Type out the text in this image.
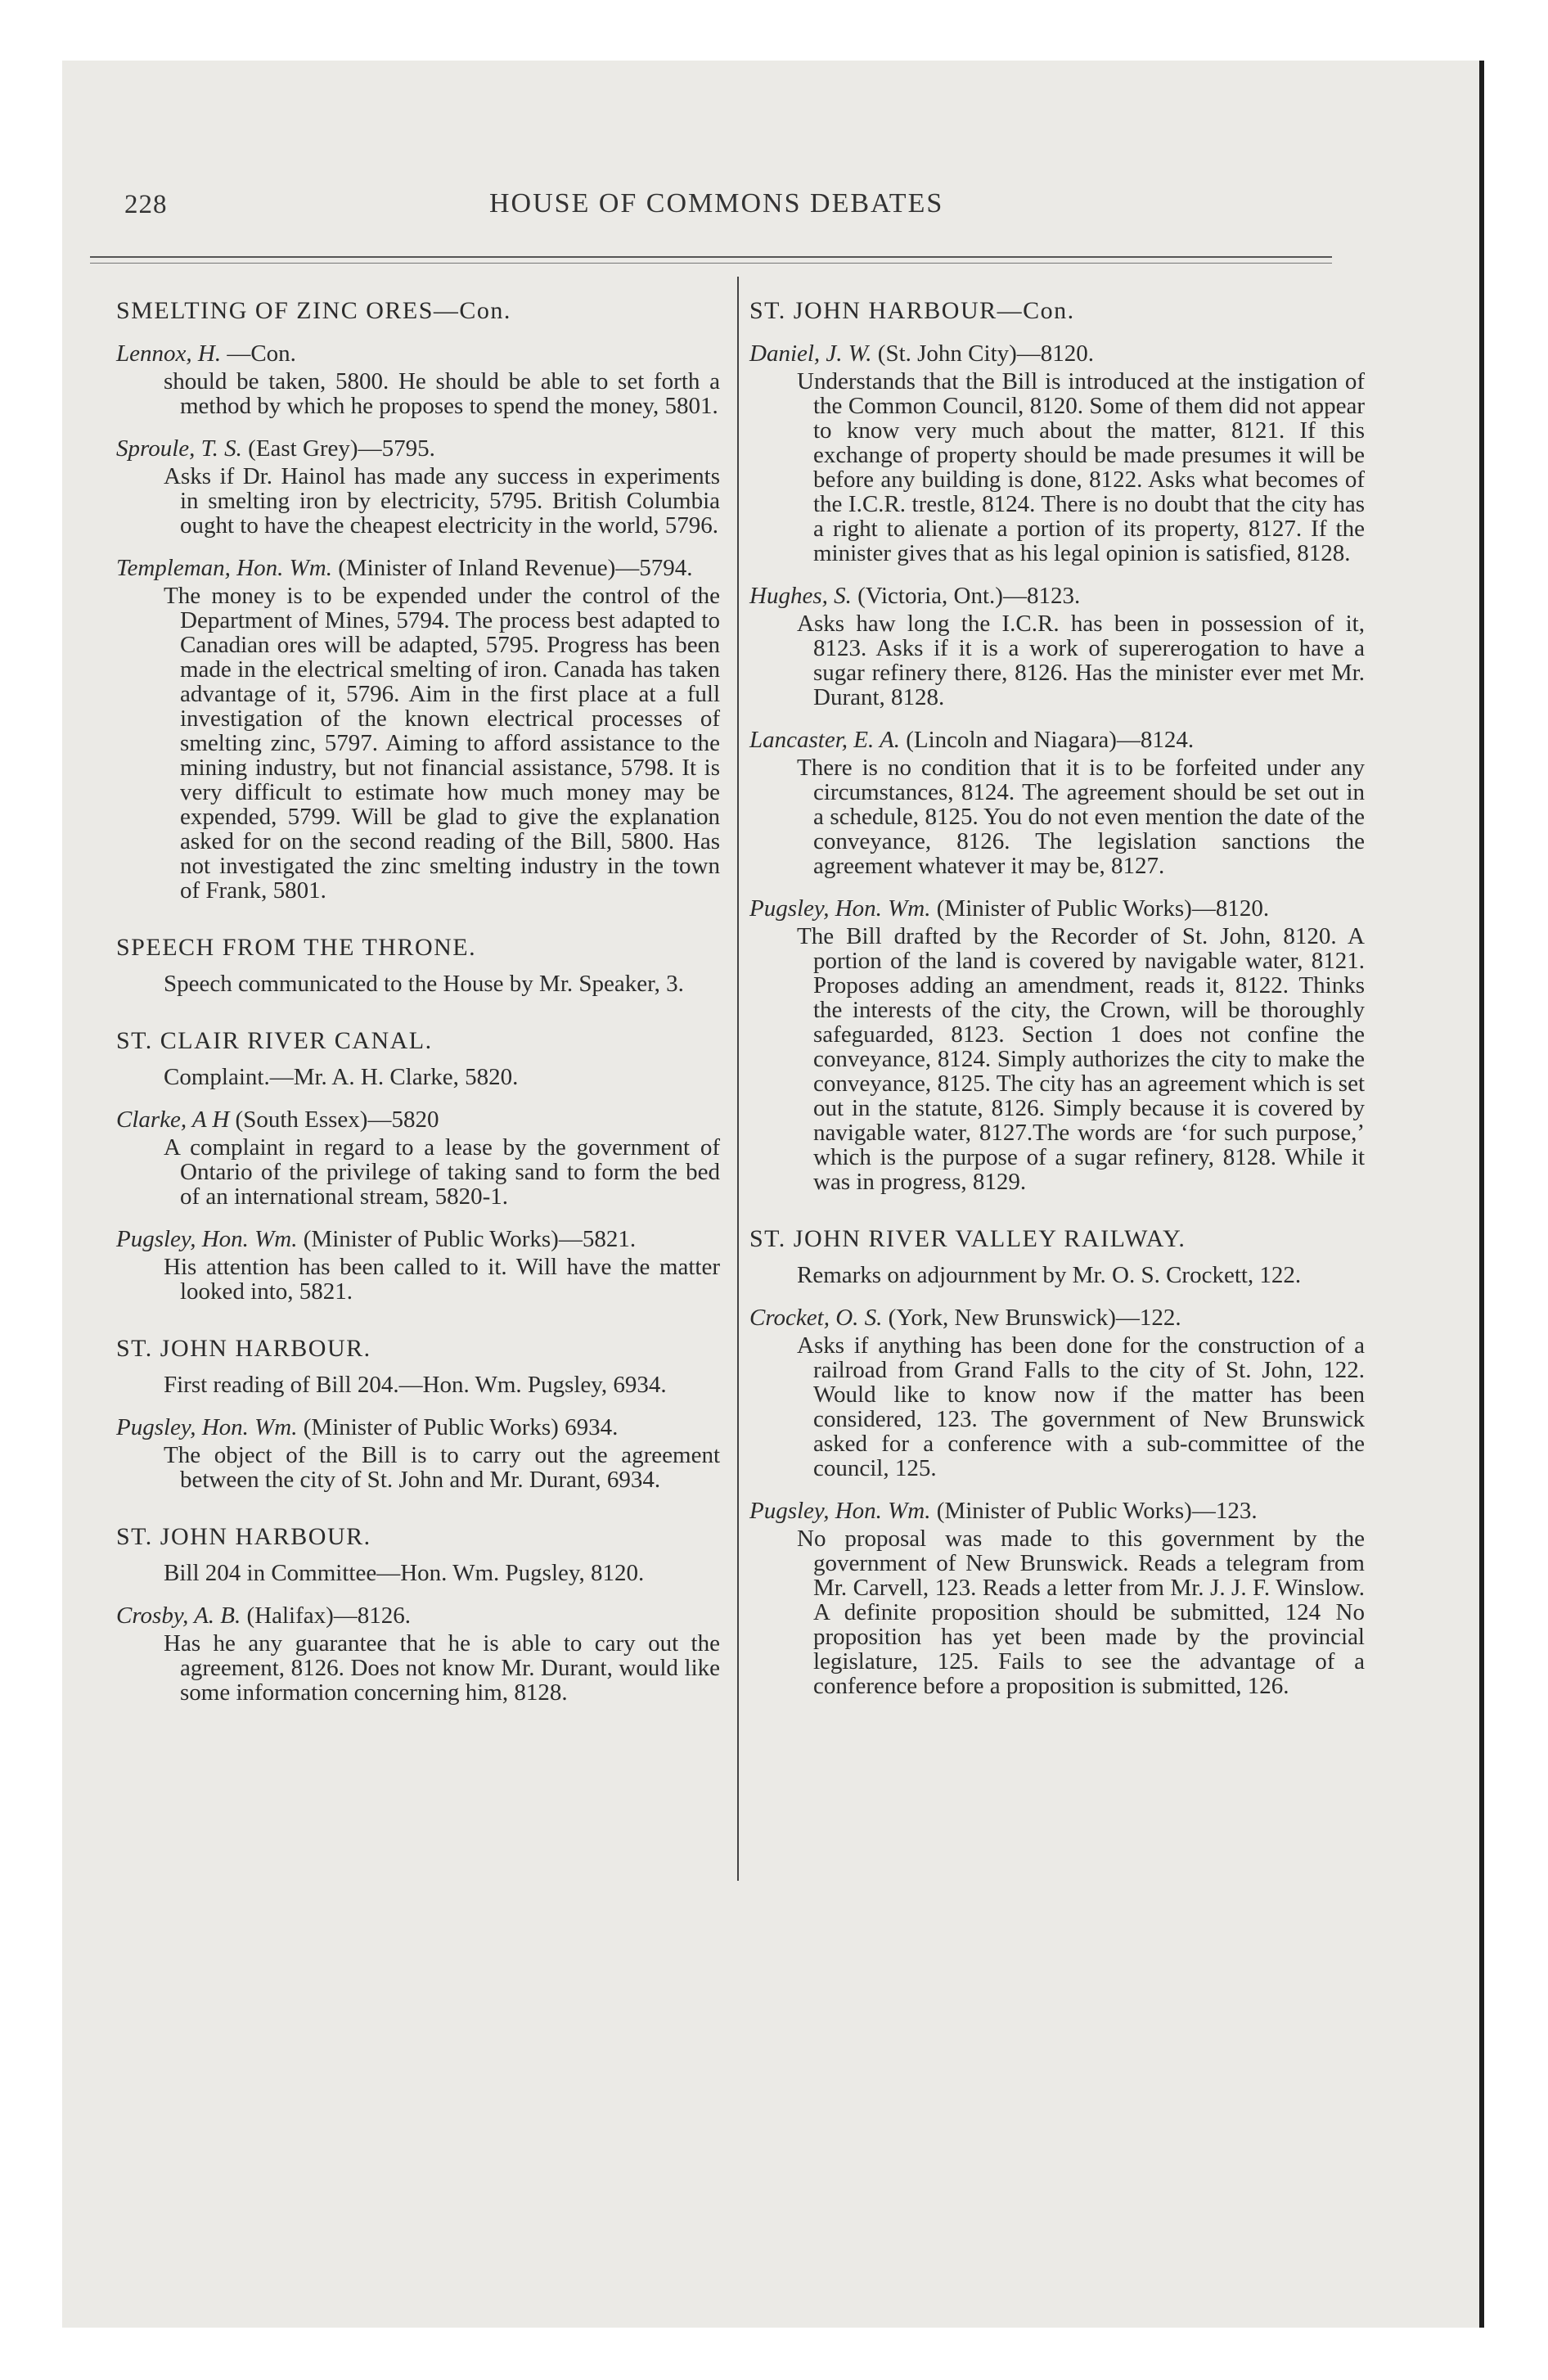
228	HOUSE OF COMMONS DEBATES
SMELTING OF ZINC ORES—Con.
Lennox, H. —Con.
should be taken, 5800. He should be able to set forth a method by which he proposes to spend the money, 5801.
Sproule, T. S. (East Grey)—5795.
Asks if Dr. Hainol has made any success in experiments in smelting iron by electricity, 5795. British Columbia ought to have the cheapest electricity in the world, 5796.
Templeman, Hon. Wm. (Minister of Inland Revenue)—5794.
The money is to be expended under the control of the Department of Mines, 5794. The process best adapted to Canadian ores will be adapted, 5795. Progress has been made in the electrical smelting of iron. Canada has taken advantage of it, 5796. Aim in the first place at a full investigation of the known electrical processes of smelting zinc, 5797. Aiming to afford assistance to the mining industry, but not financial assistance, 5798. It is very difficult to estimate how much money may be expended, 5799. Will be glad to give the explanation asked for on the second reading of the Bill, 5800. Has not investigated the zinc smelting industry in the town of Frank, 5801.
SPEECH FROM THE THRONE.
Speech communicated to the House by Mr. Speaker, 3.
ST. CLAIR RIVER CANAL.
Complaint.—Mr. A. H. Clarke, 5820.
Clarke, A H (South Essex)—5820
A complaint in regard to a lease by the government of Ontario of the privilege of taking sand to form the bed of an international stream, 5820-1.
Pugsley, Hon. Wm. (Minister of Public Works)—5821.
His attention has been called to it. Will have the matter looked into, 5821.
ST. JOHN HARBOUR.
First reading of Bill 204.—Hon. Wm. Pugsley, 6934.
Pugsley, Hon. Wm. (Minister of Public Works) 6934.
The object of the Bill is to carry out the agreement between the city of St. John and Mr. Durant, 6934.
ST. JOHN HARBOUR.
Bill 204 in Committee—Hon. Wm. Pugsley, 8120.
Crosby, A. B. (Halifax)—8126.
Has he any guarantee that he is able to cary out the agreement, 8126. Does not know Mr. Durant, would like some information concerning him, 8128.
ST. JOHN HARBOUR—Con.
Daniel, J. W. (St. John City)—8120.
Understands that the Bill is introduced at the instigation of the Common Council, 8120. Some of them did not appear to know very much about the matter, 8121. If this exchange of property should be made presumes it will be before any building is done, 8122. Asks what becomes of the I.C.R. trestle, 8124. There is no doubt that the city has a right to alienate a portion of its property, 8127. If the minister gives that as his legal opinion is satisfied, 8128.
Hughes, S. (Victoria, Ont.)—8123.
Asks haw long the I.C.R. has been in possession of it, 8123. Asks if it is a work of supererogation to have a sugar refinery there, 8126. Has the minister ever met Mr. Durant, 8128.
Lancaster, E. A. (Lincoln and Niagara)—8124.
There is no condition that it is to be forfeited under any circumstances, 8124. The agreement should be set out in a schedule, 8125. You do not even mention the date of the conveyance, 8126. The legislation sanctions the agreement whatever it may be, 8127.
Pugsley, Hon. Wm. (Minister of Public Works)—8120.
The Bill drafted by the Recorder of St. John, 8120. A portion of the land is covered by navigable water, 8121. Proposes adding an amendment, reads it, 8122. Thinks the interests of the city, the Crown, will be thoroughly safeguarded, 8123. Section 1 does not confine the conveyance, 8124. Simply authorizes the city to make the conveyance, 8125. The city has an agreement which is set out in the statute, 8126. Simply because it is covered by navigable water, 8127.The words are ‘for such purpose,’ which is the purpose of a sugar refinery, 8128. While it was in progress, 8129.
ST. JOHN RIVER VALLEY RAILWAY.
Remarks on adjournment by Mr. O. S. Crockett, 122.
Crocket, O. S. (York, New Brunswick)—122.
Asks if anything has been done for the construction of a railroad from Grand Falls to the city of St. John, 122. Would like to know now if the matter has been considered, 123. The government of New Brunswick asked for a conference with a sub-committee of the council, 125.
Pugsley, Hon. Wm. (Minister of Public Works)—123.
No proposal was made to this government by the government of New Brunswick. Reads a telegram from Mr. Carvell, 123. Reads a letter from Mr. J. J. F. Winslow. A definite proposition should be submitted, 124 No proposition has yet been made by the provincial legislature, 125. Fails to see the advantage of a conference before a proposition is submitted, 126.
